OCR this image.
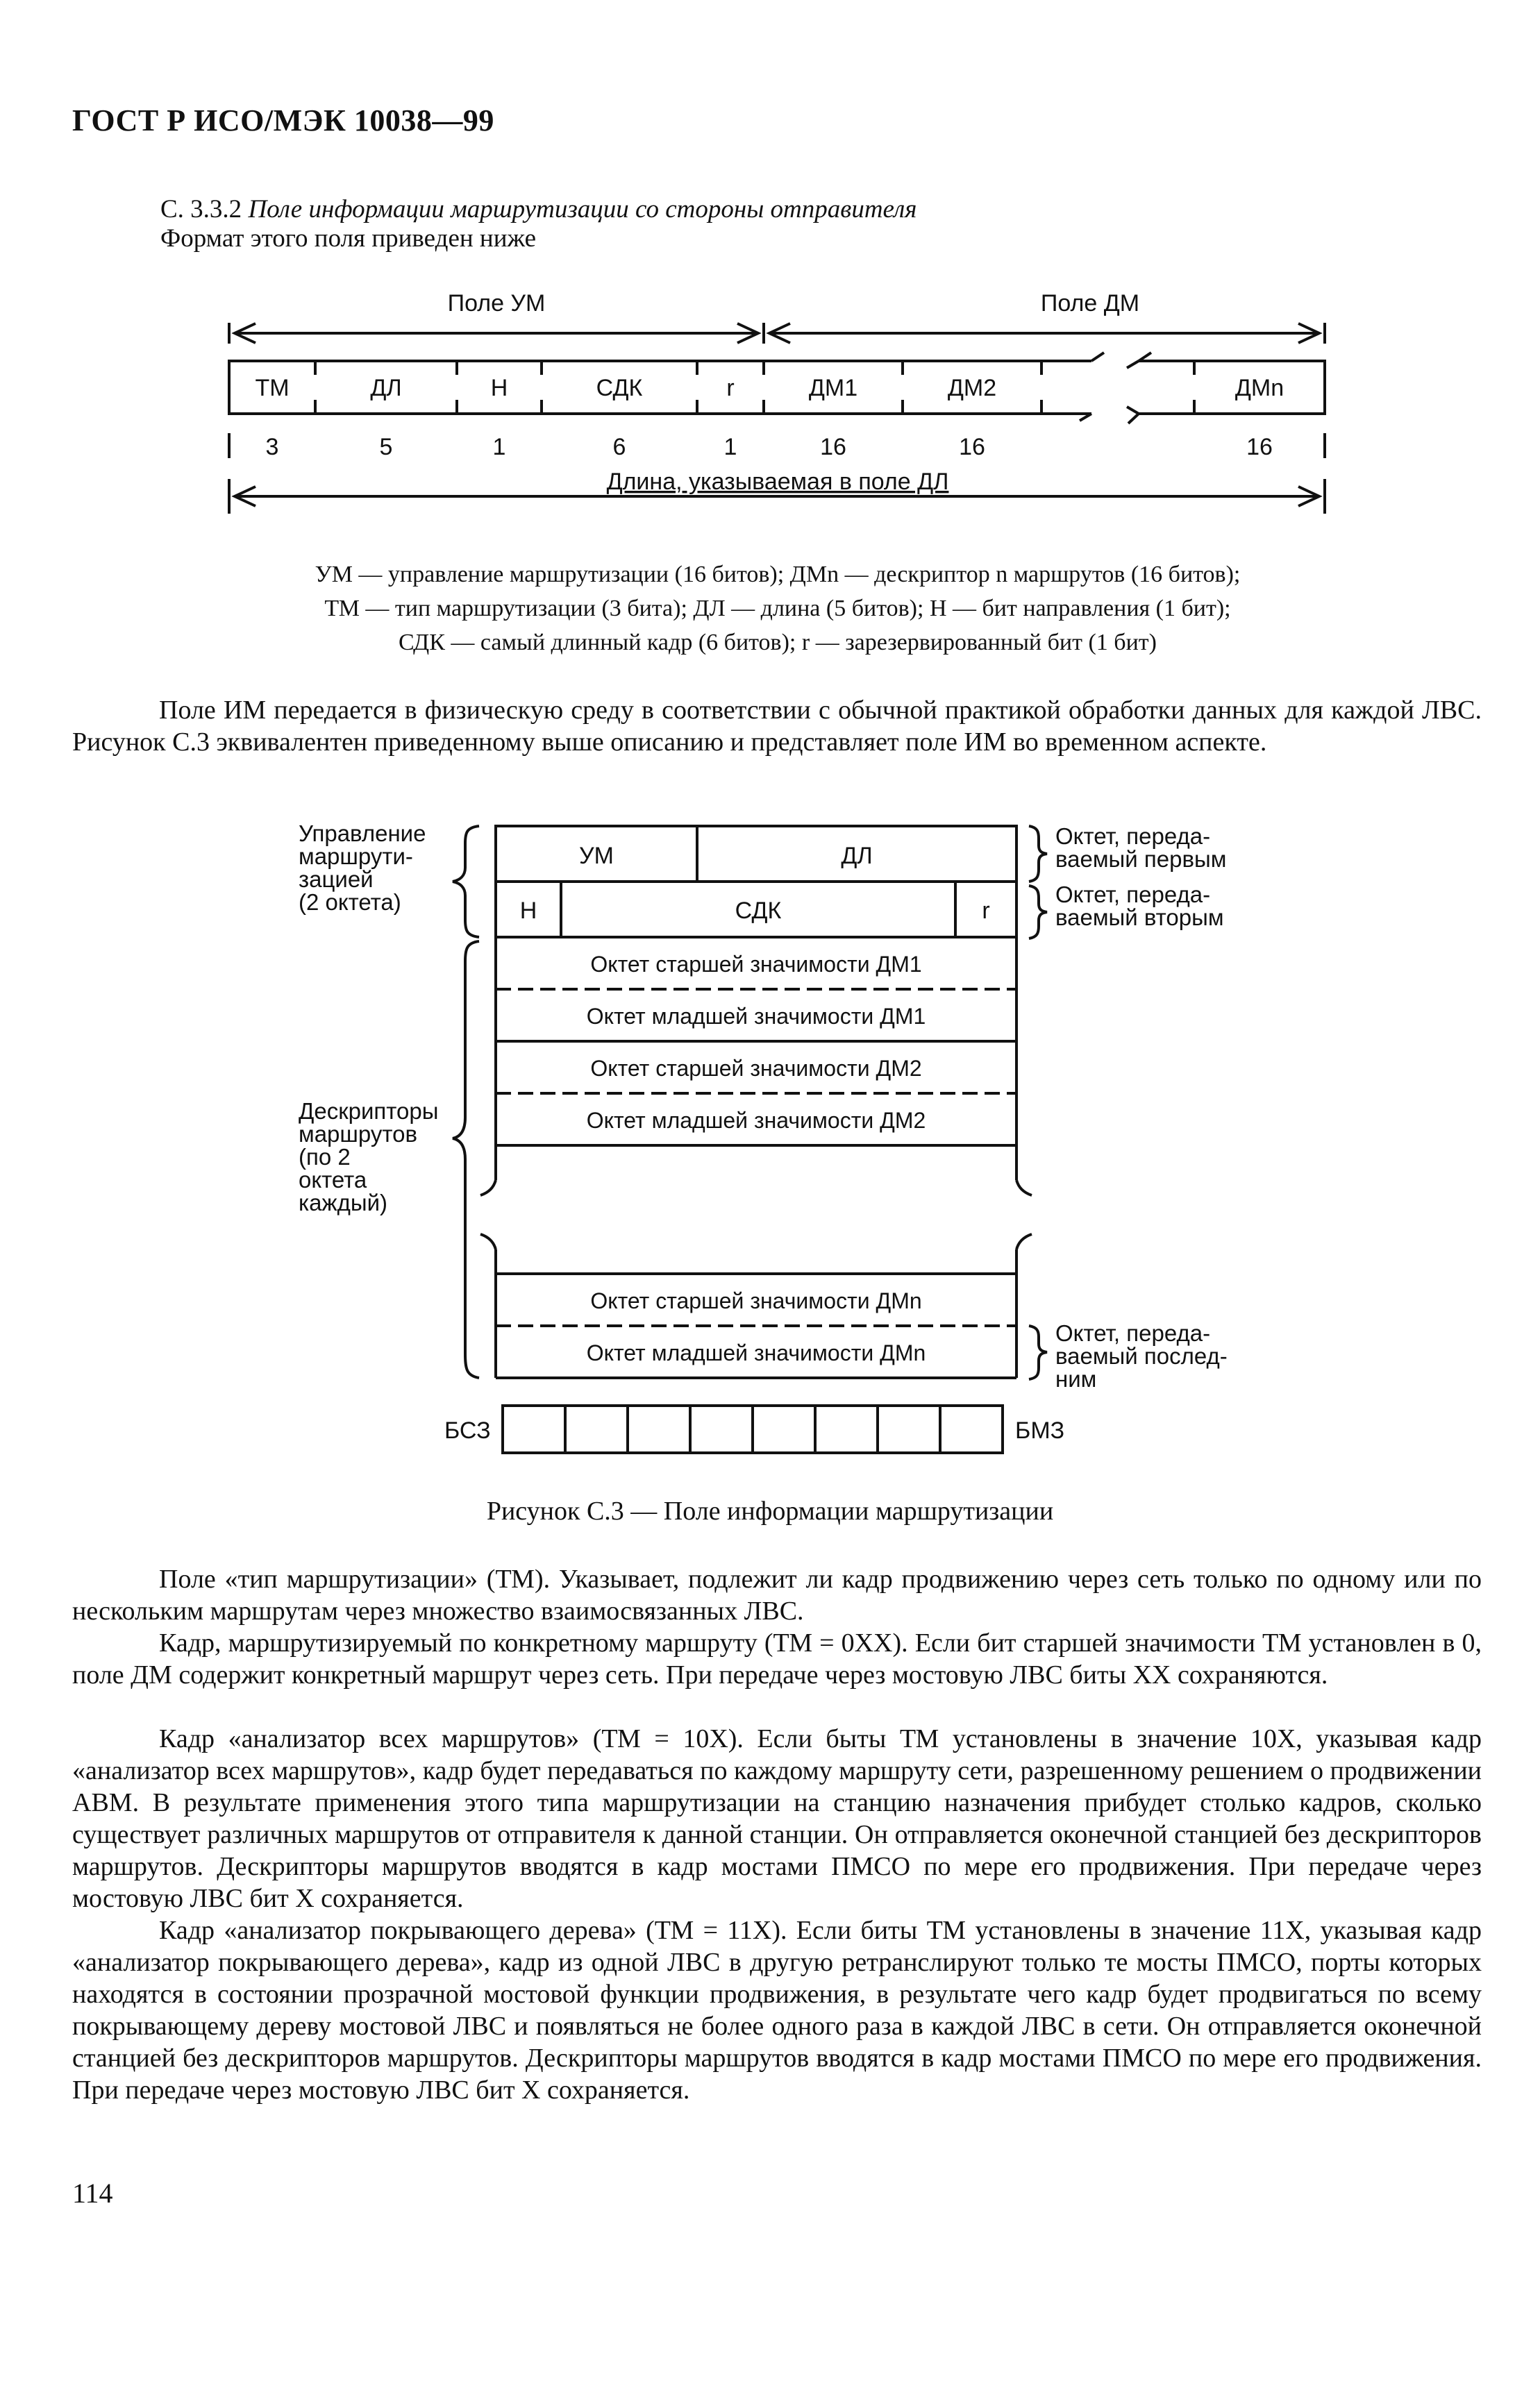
ГОСТ Р ИСО/МЭК 10038—99
С. 3.3.2 Поле информации маршрутизации со стороны отправителя
Формат этого поля приведен ниже
Поле УМ	Поле ДМ
ТМ	ДЛ	Н	СДК	r	ДМ1	ДМ2	ДМn
3	5	1	6	1	16	16	16
Длина, указываемая в поле ДЛ
УМ — управление маршрутизации (16 битов); ДМn — дескриптор n маршрутов (16 битов);
ТМ — тип маршрутизации (3 бита); ДЛ — длина (5 битов); Н — бит направления (1 бит);
СДК — самый длинный кадр (6 битов); r — зарезервированный бит (1 бит)
Поле ИМ передается в физическую среду в соответствии с обычной практикой обработки данных для каждой ЛВС. Рисунок С.3 эквивалентен приведенному выше описанию и представляет поле ИМ во временном аспекте.
УМ	ДЛ
Н	СДК	r
Октет старшей значимости ДМ1
Октет младшей значимости ДМ1
Октет старшей значимости ДМ2
Октет младшей значимости ДМ2
Октет старшей значимости ДМn
Октет младшей значимости ДМn
Управление
маршрути-
зацией
(2 октета)
Дескрипторы
маршрутов
(по 2
октета
каждый)
Октет, переда-
ваемый первым
Октет, переда-
ваемый вторым
Октет, переда-
ваемый послед-
ним
БСЗ	БМЗ
Рисунок С.3 — Поле информации маршрутизации
Поле «тип маршрутизации» (ТМ). Указывает, подлежит ли кадр продвижению через сеть только по одному или по нескольким маршрутам через множество взаимосвязанных ЛВС.
Кадр, маршрутизируемый по конкретному маршруту (ТМ = 0ХХ). Если бит старшей значимости ТМ установлен в 0, поле ДМ содержит конкретный маршрут через сеть. При передаче через мостовую ЛВС биты ХХ сохраняются.
Кадр «анализатор всех маршрутов» (ТМ = 10Х). Если быты ТМ установлены в значение 10Х, указывая кадр «анализатор всех маршрутов», кадр будет передаваться по каждому маршруту сети, разрешенному решением о продвижении АВМ. В результате применения этого типа маршрутизации на станцию назначения прибудет столько кадров, сколько существует различных маршрутов от отправителя к данной станции. Он отправляется оконечной станцией без дескрипторов маршрутов. Дескрипторы маршрутов вводятся в кадр мостами ПМСО по мере его продвижения. При передаче через мостовую ЛВС бит Х сохраняется.
Кадр «анализатор покрывающего дерева» (ТМ = 11Х). Если биты ТМ установлены в значение 11Х, указывая кадр «анализатор покрывающего дерева», кадр из одной ЛВС в другую ретранслируют только те мосты ПМСО, порты которых находятся в состоянии прозрачной мостовой функции продвижения, в результате чего кадр будет продвигаться по всему покрывающему дереву мостовой ЛВС и появляться не более одного раза в каждой ЛВС в сети. Он отправляется оконечной станцией без дескрипторов маршрутов. Дескрипторы маршрутов вводятся в кадр мостами ПМСО по мере его продвижения. При передаче через мостовую ЛВС бит Х сохраняется.
114
